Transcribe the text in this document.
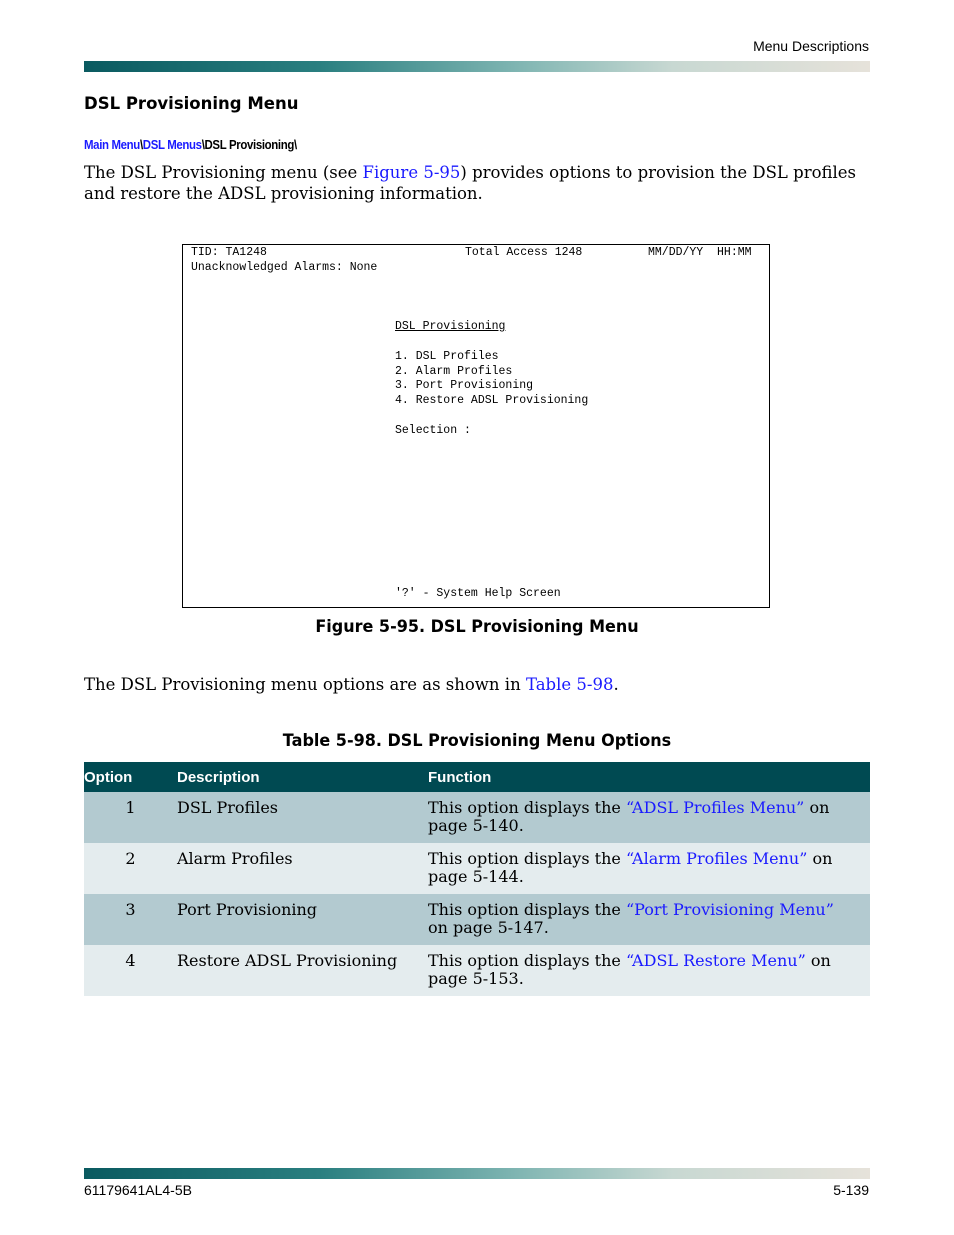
Menu Descriptions
DSL Provisioning Menu
Main Menu\DSL Menus\DSL Provisioning\
The DSL Provisioning menu (see Figure 5-95) provides options to provision the DSL profiles and restore the ADSL provisioning information.
TID: TA1248	Total Access 1248	MM/DD/YY  HH:MM
Unacknowledged Alarms: None
DSL Provisioning
1. DSL Profiles
2. Alarm Profiles
3. Port Provisioning
4. Restore ADSL Provisioning
Selection :
'?' - System Help Screen
Figure 5-95. DSL Provisioning Menu
The DSL Provisioning menu options are as shown in Table 5-98.
Table 5-98. DSL Provisioning Menu Options
Option	Description	Function
1	DSL Profiles	This option displays the “ADSL Profiles Menu” on page 5-140.
2	Alarm Profiles	This option displays the “Alarm Profiles Menu” on page 5-144.
3	Port Provisioning	This option displays the “Port Provisioning Menu” on page 5-147.
4	Restore ADSL Provisioning	This option displays the “ADSL Restore Menu” on page 5-153.
61179641AL4-5B	5-139
